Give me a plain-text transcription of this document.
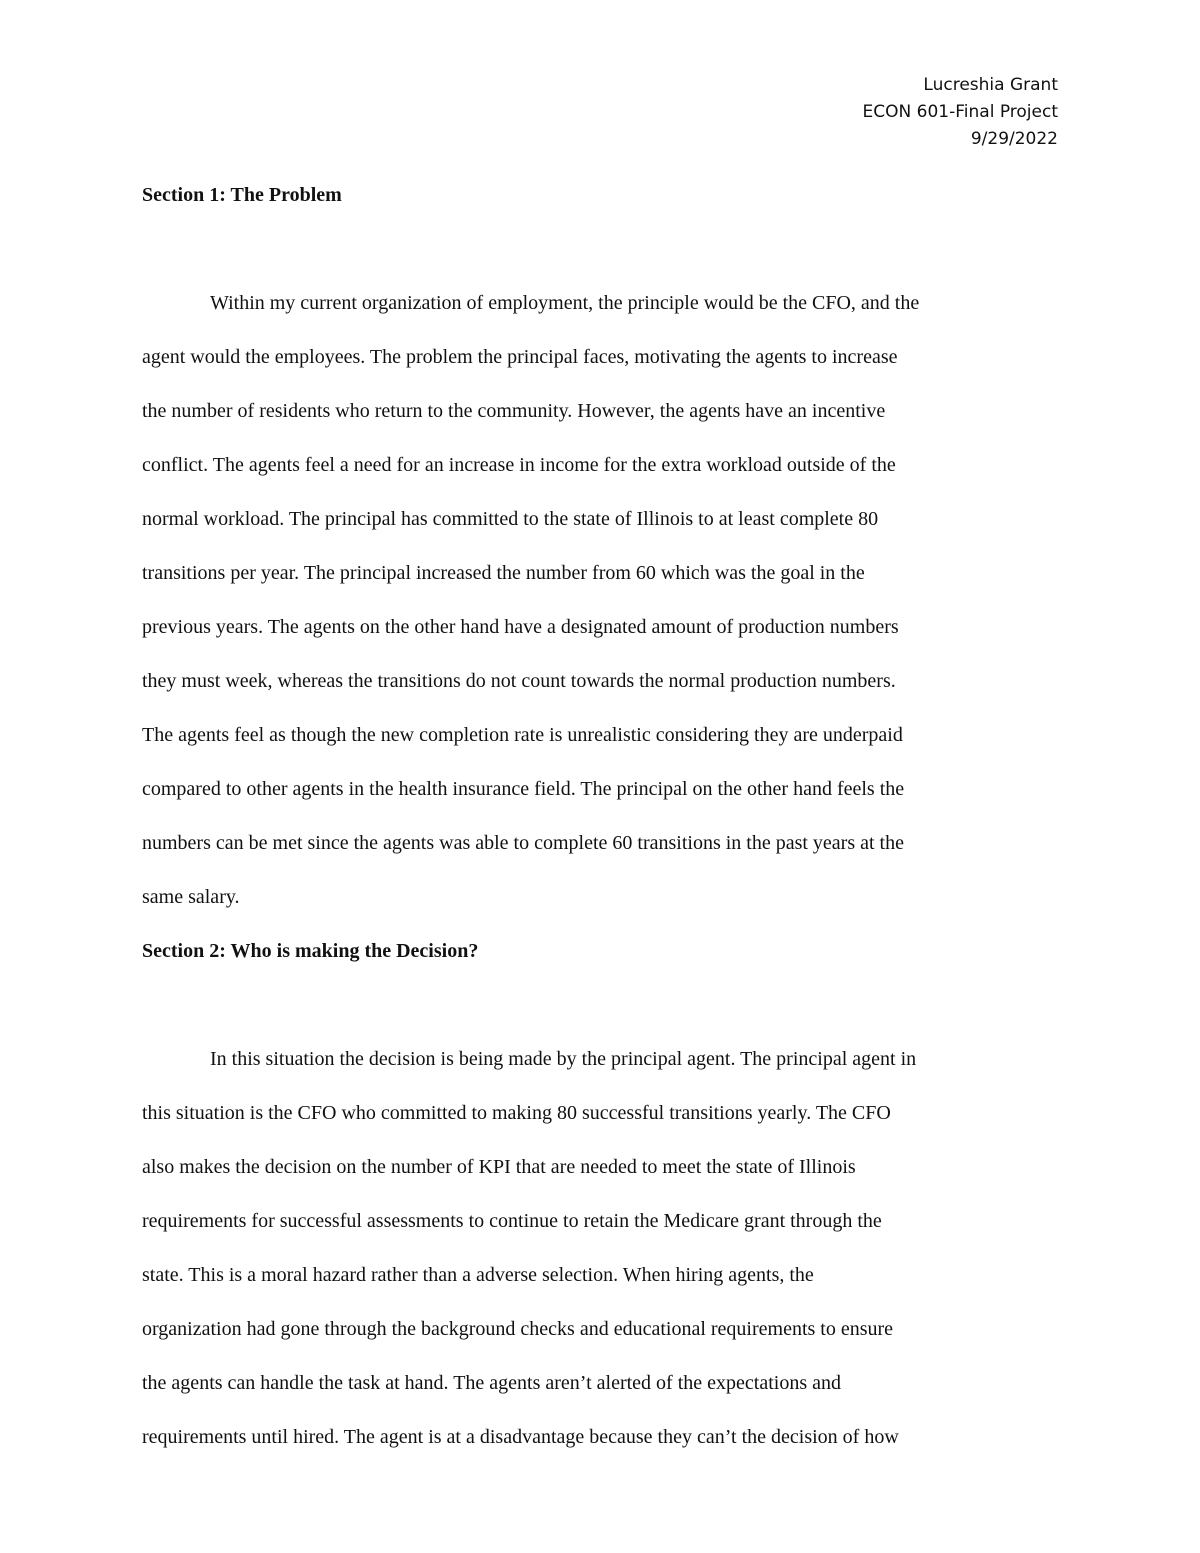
Lucreshia Grant
ECON 601-Final Project
9/29/2022
Section 1: The Problem
Within my current organization of employment, the principle would be the CFO, and the
agent would the employees. The problem the principal faces, motivating the agents to increase
the number of residents who return to the community. However, the agents have an incentive
conflict. The agents feel a need for an increase in income for the extra workload outside of the
normal workload. The principal has committed to the state of Illinois to at least complete 80
transitions per year. The principal increased the number from 60 which was the goal in the
previous years. The agents on the other hand have a designated amount of production numbers
they must week, whereas the transitions do not count towards the normal production numbers.
The agents feel as though the new completion rate is unrealistic considering they are underpaid
compared to other agents in the health insurance field. The principal on the other hand feels the
numbers can be met since the agents was able to complete 60 transitions in the past years at the
same salary.
Section 2: Who is making the Decision?
In this situation the decision is being made by the principal agent. The principal agent in
this situation is the CFO who committed to making 80 successful transitions yearly. The CFO
also makes the decision on the number of KPI that are needed to meet the state of Illinois
requirements for successful assessments to continue to retain the Medicare grant through the
state. This is a moral hazard rather than a adverse selection. When hiring agents, the
organization had gone through the background checks and educational requirements to ensure
the agents can handle the task at hand. The agents aren’t alerted of the expectations and
requirements until hired. The agent is at a disadvantage because they can’t the decision of how
